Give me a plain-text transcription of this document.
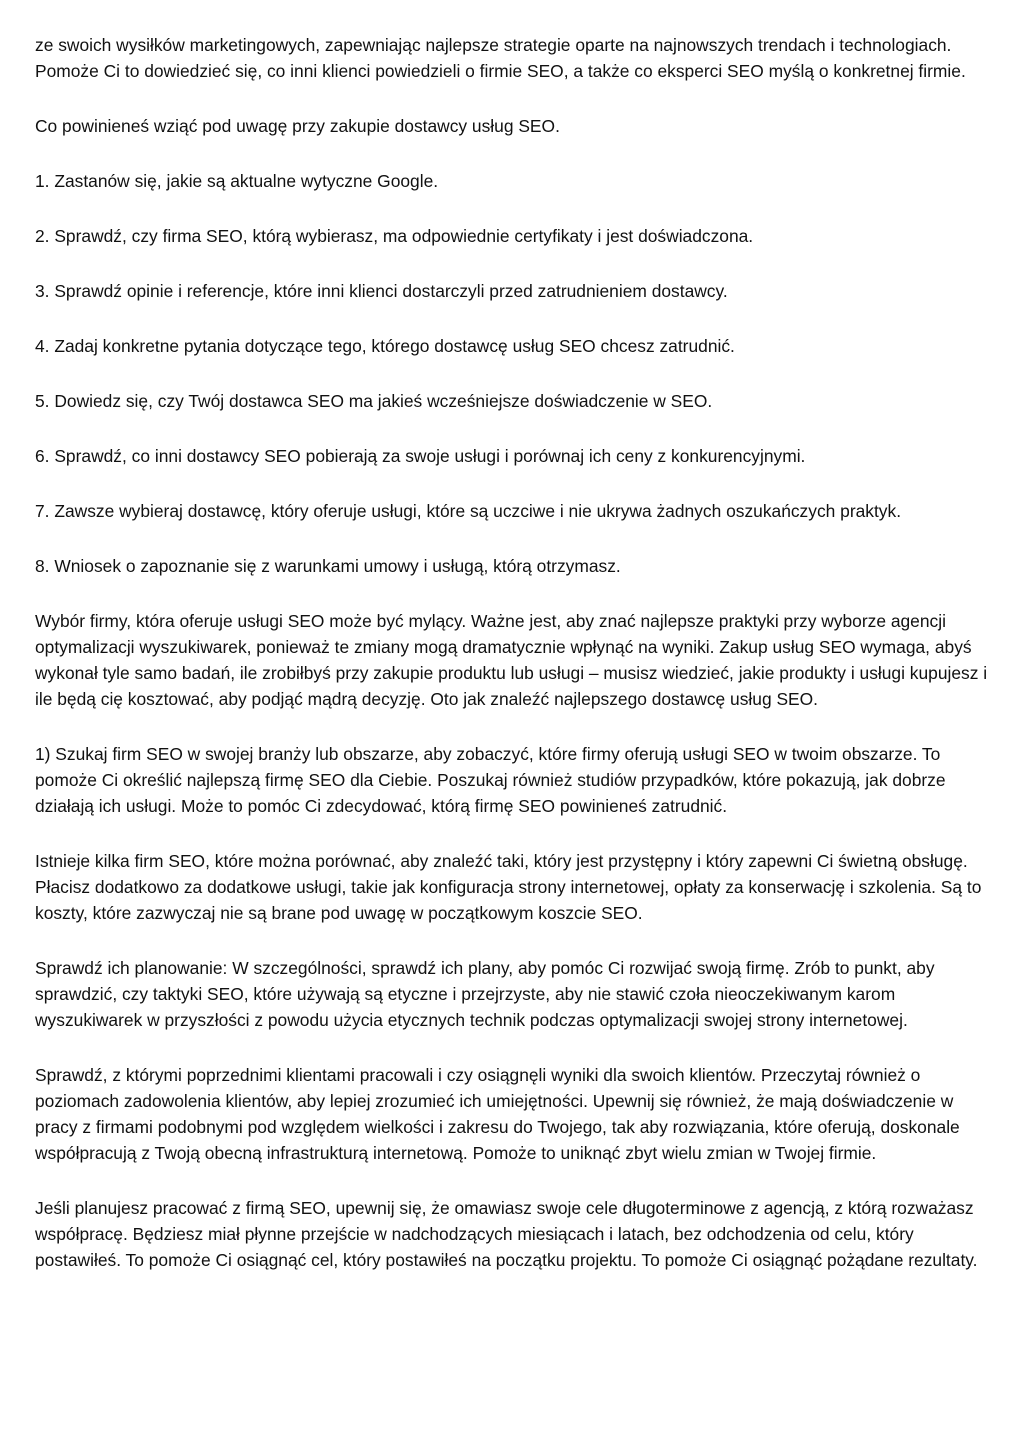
ze swoich wysiłków marketingowych, zapewniając najlepsze strategie oparte na najnowszych trendach i technologiach. Pomoże Ci to dowiedzieć się, co inni klienci powiedzieli o firmie SEO, a także co eksperci SEO myślą o konkretnej firmie.

Co powinieneś wziąć pod uwagę przy zakupie dostawcy usług SEO.

1. Zastanów się, jakie są aktualne wytyczne Google.

2. Sprawdź, czy firma SEO, którą wybierasz, ma odpowiednie certyfikaty i jest doświadczona.

3. Sprawdź opinie i referencje, które inni klienci dostarczyli przed zatrudnieniem dostawcy.

4. Zadaj konkretne pytania dotyczące tego, którego dostawcę usług SEO chcesz zatrudnić.

5. Dowiedz się, czy Twój dostawca SEO ma jakieś wcześniejsze doświadczenie w SEO.

6. Sprawdź, co inni dostawcy SEO pobierają za swoje usługi i porównaj ich ceny z konkurencyjnymi.

7. Zawsze wybieraj dostawcę, który oferuje usługi, które są uczciwe i nie ukrywa żadnych oszukańczych praktyk.

8. Wniosek o zapoznanie się z warunkami umowy i usługą, którą otrzymasz.

Wybór firmy, która oferuje usługi SEO może być mylący. Ważne jest, aby znać najlepsze praktyki przy wyborze agencji optymalizacji wyszukiwarek, ponieważ te zmiany mogą dramatycznie wpłynąć na wyniki. Zakup usług SEO wymaga, abyś wykonał tyle samo badań, ile zrobiłbyś przy zakupie produktu lub usługi – musisz wiedzieć, jakie produkty i usługi kupujesz i ile będą cię kosztować, aby podjąć mądrą decyzję. Oto jak znaleźć najlepszego dostawcę usług SEO.

1) Szukaj firm SEO w swojej branży lub obszarze, aby zobaczyć, które firmy oferują usługi SEO w twoim obszarze. To pomoże Ci określić najlepszą firmę SEO dla Ciebie. Poszukaj również studiów przypadków, które pokazują, jak dobrze działają ich usługi. Może to pomóc Ci zdecydować, którą firmę SEO powinieneś zatrudnić.

Istnieje kilka firm SEO, które można porównać, aby znaleźć taki, który jest przystępny i który zapewni Ci świetną obsługę. Płacisz dodatkowo za dodatkowe usługi, takie jak konfiguracja strony internetowej, opłaty za konserwację i szkolenia. Są to koszty, które zazwyczaj nie są brane pod uwagę w początkowym koszcie SEO.

Sprawdź ich planowanie: W szczególności, sprawdź ich plany, aby pomóc Ci rozwijać swoją firmę. Zrób to punkt, aby sprawdzić, czy taktyki SEO, które używają są etyczne i przejrzyste, aby nie stawić czoła nieoczekiwanym karom wyszukiwarek w przyszłości z powodu użycia etycznych technik podczas optymalizacji swojej strony internetowej.

Sprawdź, z którymi poprzednimi klientami pracowali i czy osiągnęli wyniki dla swoich klientów. Przeczytaj również o poziomach zadowolenia klientów, aby lepiej zrozumieć ich umiejętności. Upewnij się również, że mają doświadczenie w pracy z firmami podobnymi pod względem wielkości i zakresu do Twojego, tak aby rozwiązania, które oferują, doskonale współpracują z Twoją obecną infrastrukturą internetową. Pomoże to uniknąć zbyt wielu zmian w Twojej firmie.

Jeśli planujesz pracować z firmą SEO, upewnij się, że omawiasz swoje cele długoterminowe z agencją, z którą rozważasz współpracę. Będziesz miał płynne przejście w nadchodzących miesiącach i latach, bez odchodzenia od celu, który postawiłeś. To pomoże Ci osiągnąć cel, który postawiłeś na początku projektu. To pomoże Ci osiągnąć pożądane rezultaty.
